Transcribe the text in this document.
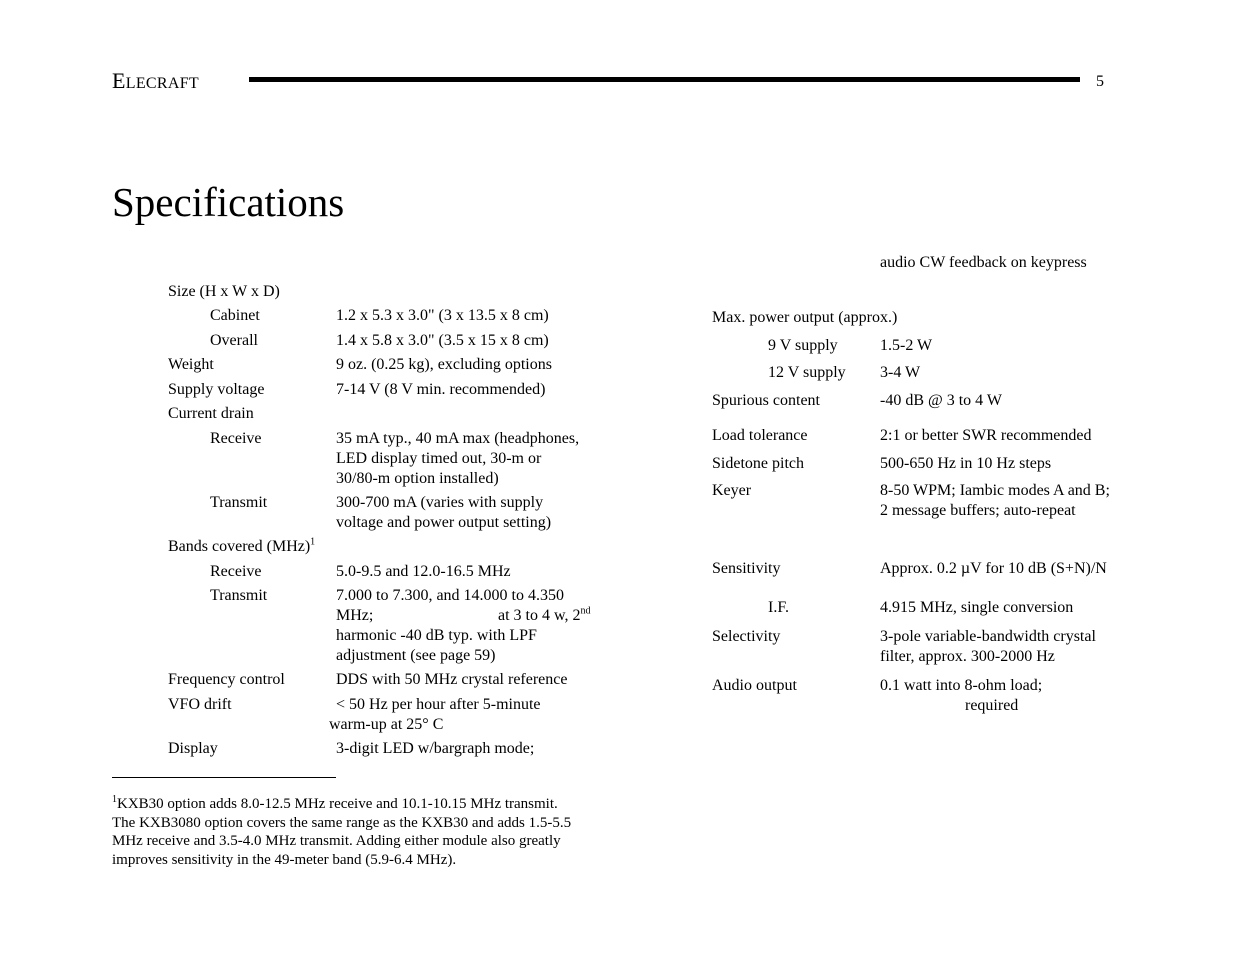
ELECRAFT	5
Specifications
Size (H x W x D)
Cabinet	1.2 x 5.3 x 3.0" (3 x 13.5 x 8 cm)
Overall	1.4 x 5.8 x 3.0" (3.5 x 15 x 8 cm)
Weight	9 oz. (0.25 kg), excluding options
Supply voltage	7-14 V (8 V min. recommended)
Current drain
Receive	35 mA typ., 40 mA max (headphones,
LED display timed out, 30-m or
30/80-m option installed)
Transmit	300-700 mA (varies with supply
voltage and power output setting)
Bands covered (MHz)$^1$
Receive	5.0-9.5 and 12.0-16.5 MHz
Transmit	7.000 to 7.300, and 14.000 to 4.350
MHz;	at 3 to 4 w, 2nd
harmonic -40 dB typ. with LPF
adjustment (see page 59)
Frequency control	DDS with 50 MHz crystal reference
VFO drift	< 50 Hz per hour after 5-minute
warm-up at 25° C
Display	3-digit LED w/bargraph mode;
audio CW feedback on keypress
Max. power output (approx.)
9 V supply	1.5-2 W
12 V supply 3-4 W
Spurious content	-40 dB @ 3 to 4 W
Load tolerance	2:1 or better SWR recommended
Sidetone pitch	500-650 Hz in 10 Hz steps
Keyer	8-50 WPM; Iambic modes A and B;
2 message buffers; auto-repeat
Sensitivity	Approx. 0.2 µV for 10 dB (S+N)/N
I.F.	4.915 MHz, single conversion
Selectivity	3-pole variable-bandwidth crystal
filter, approx. 300-2000 Hz
Audio output	0.1 watt into 8-ohm load;
required
$^1$KXB30 option adds 8.0-12.5 MHz receive and 10.1-10.15 MHz transmit.
The KXB3080 option covers the same range as the KXB30 and adds 1.5-5.5
MHz receive and 3.5-4.0 MHz transmit. Adding either module also greatly
improves sensitivity in the 49-meter band (5.9-6.4 MHz).
